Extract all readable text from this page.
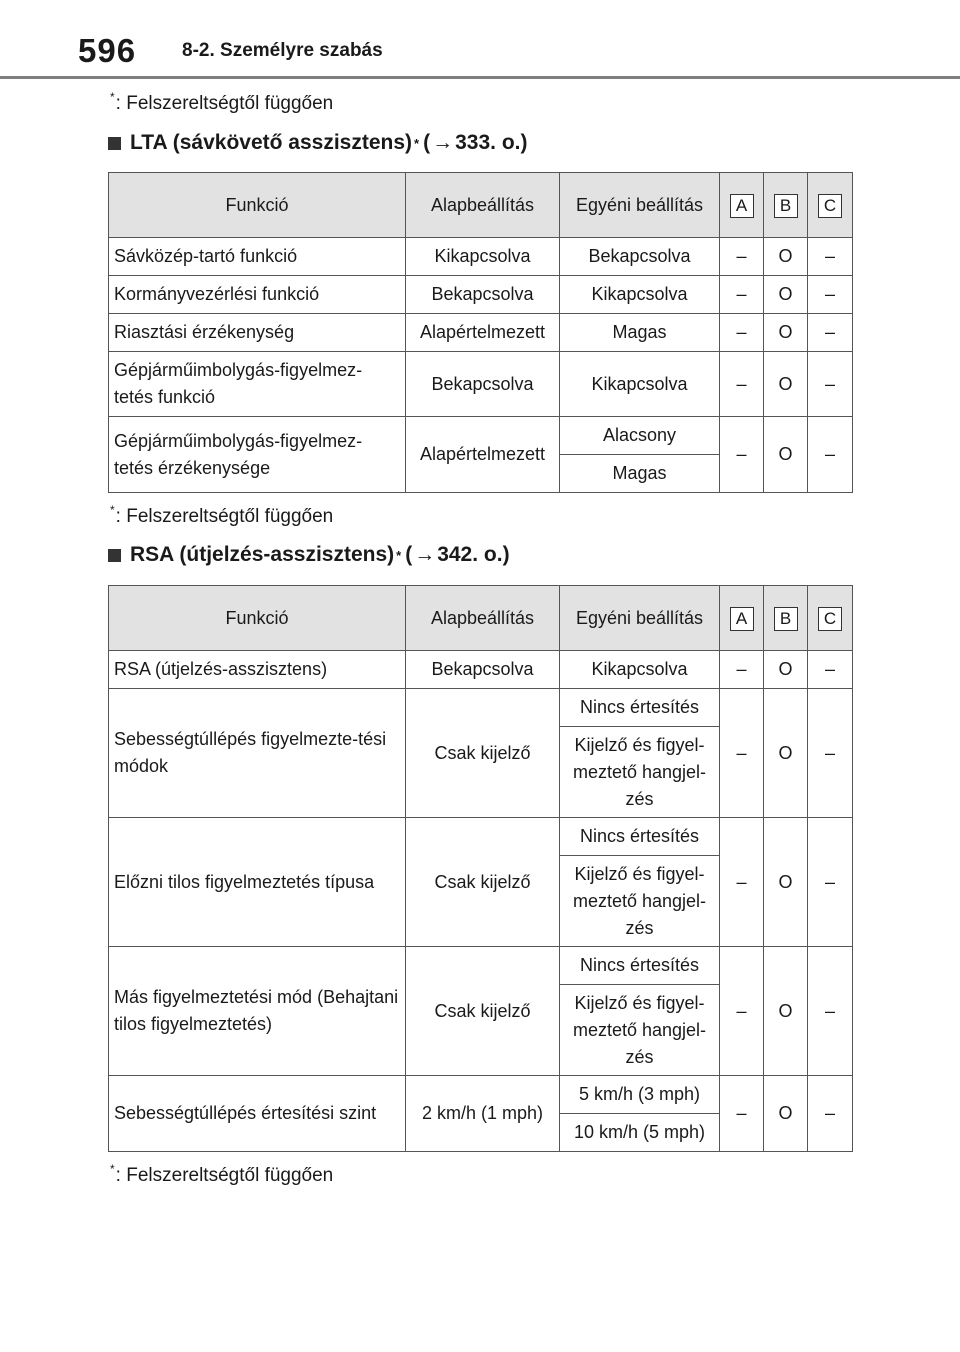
596 8-2. Személyre szabás
*: Felszereltségtől függően
LTA (sávkövető asszisztens) * ( → 333. o.)
Funkció	Alapbeállítás	Egyéni beállítás	A	B	C
Sávközép-tartó funkció	Kikapcsolva	Bekapcsolva	–	O	–
Kormányvezérlési funkció	Bekapcsolva	Kikapcsolva	–	O	–
Riasztási érzékenység	Alapértelmezett	Magas	–	O	–
Gépjárműimbolygás-figyelmez-tetés funkció	Bekapcsolva	Kikapcsolva	–	O	–
Gépjárműimbolygás-figyelmez-tetés érzékenysége	Alapértelmezett	Alacsony	–	O	–
		Magas			
*: Felszereltségtől függően
RSA (útjelzés-asszisztens) * ( → 342. o.)
Funkció	Alapbeállítás	Egyéni beállítás	A	B	C
RSA (útjelzés-asszisztens)	Bekapcsolva	Kikapcsolva	–	O	–
Sebességtúllépés figyelmezte-tési módok	Csak kijelző	Nincs értesítés	–	O	–
		Kijelző és figyel-meztető hangjel-zés			
Előzni tilos figyelmeztetés típusa	Csak kijelző	Nincs értesítés	–	O	–
		Kijelző és figyel-meztető hangjel-zés			
Más figyelmeztetési mód (Behajtani tilos figyelmeztetés)	Csak kijelző	Nincs értesítés	–	O	–
		Kijelző és figyel-meztető hangjel-zés			
Sebességtúllépés értesítési szint	2 km/h (1 mph)	5 km/h (3 mph)	–	O	–
		10 km/h (5 mph)			
*: Felszereltségtől függően
